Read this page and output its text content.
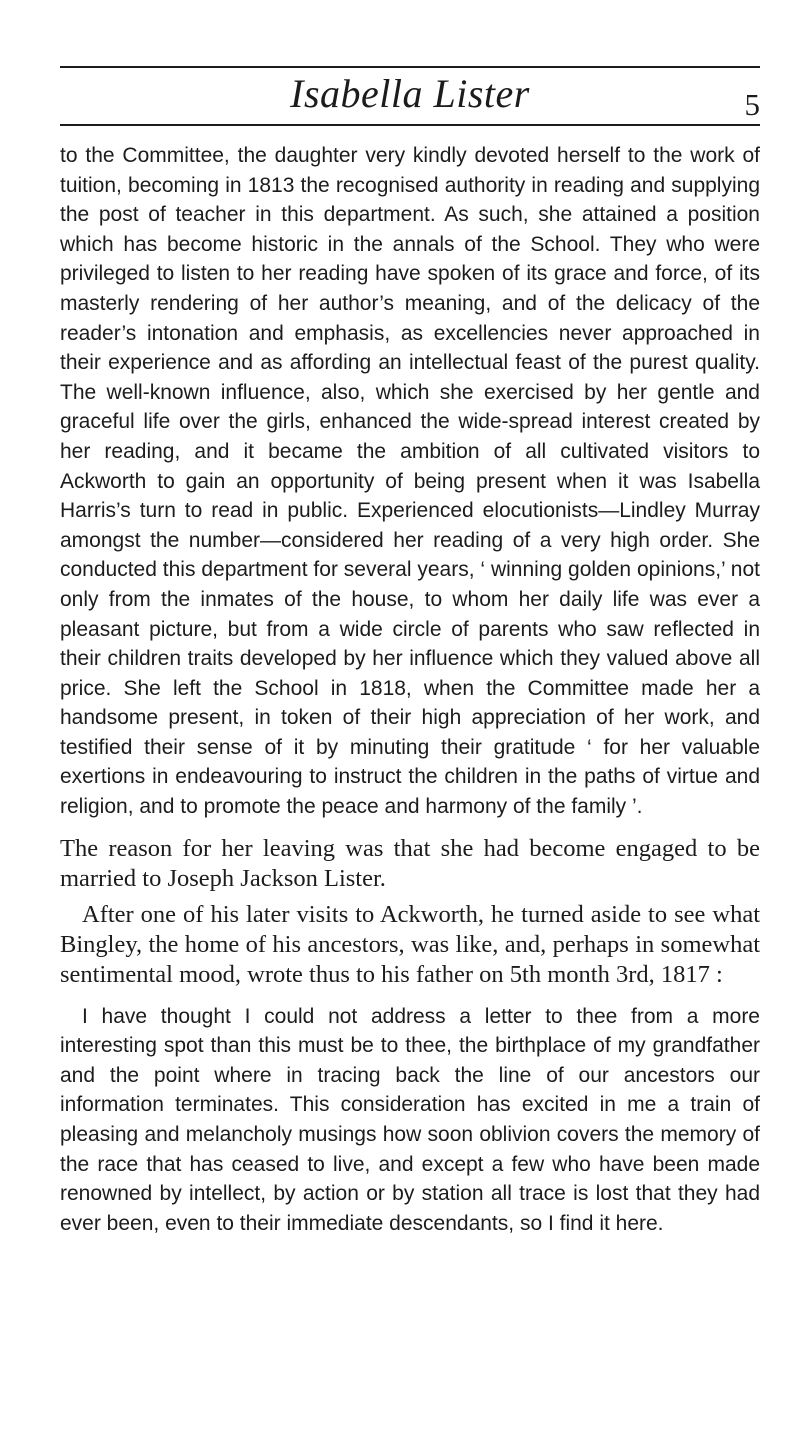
Isabella Lister	5

to the Committee, the daughter very kindly devoted herself to the work of tuition, becoming in 1813 the recognised authority in reading and supplying the post of teacher in this department. As such, she attained a position which has become historic in the annals of the School. They who were privileged to listen to her reading have spoken of its grace and force, of its masterly rendering of her author’s meaning, and of the delicacy of the reader’s intonation and emphasis, as excellencies never approached in their experience and as affording an intellectual feast of the purest quality. The well-known influence, also, which she exercised by her gentle and graceful life over the girls, enhanced the wide-spread interest created by her reading, and it became the ambition of all cultivated visitors to Ackworth to gain an opportunity of being present when it was Isabella Harris’s turn to read in public. Experienced elocutionists—Lindley Murray amongst the number—considered her reading of a very high order. She conducted this department for several years, ‘ winning golden opinions,’ not only from the inmates of the house, to whom her daily life was ever a pleasant picture, but from a wide circle of parents who saw reflected in their children traits developed by her influence which they valued above all price. She left the School in 1818, when the Committee made her a handsome present, in token of their high appreciation of her work, and testified their sense of it by minuting their gratitude ‘ for her valuable exertions in endeavouring to instruct the children in the paths of virtue and religion, and to promote the peace and harmony of the family ’.

The reason for her leaving was that she had become engaged to be married to Joseph Jackson Lister.

After one of his later visits to Ackworth, he turned aside to see what Bingley, the home of his ancestors, was like, and, perhaps in somewhat sentimental mood, wrote thus to his father on 5th month 3rd, 1817 :

I have thought I could not address a letter to thee from a more interesting spot than this must be to thee, the birthplace of my grandfather and the point where in tracing back the line of our ancestors our information terminates. This consideration has excited in me a train of pleasing and melancholy musings how soon oblivion covers the memory of the race that has ceased to live, and except a few who have been made renowned by intellect, by action or by station all trace is lost that they had ever been, even to their immediate descendants, so I find it here.
